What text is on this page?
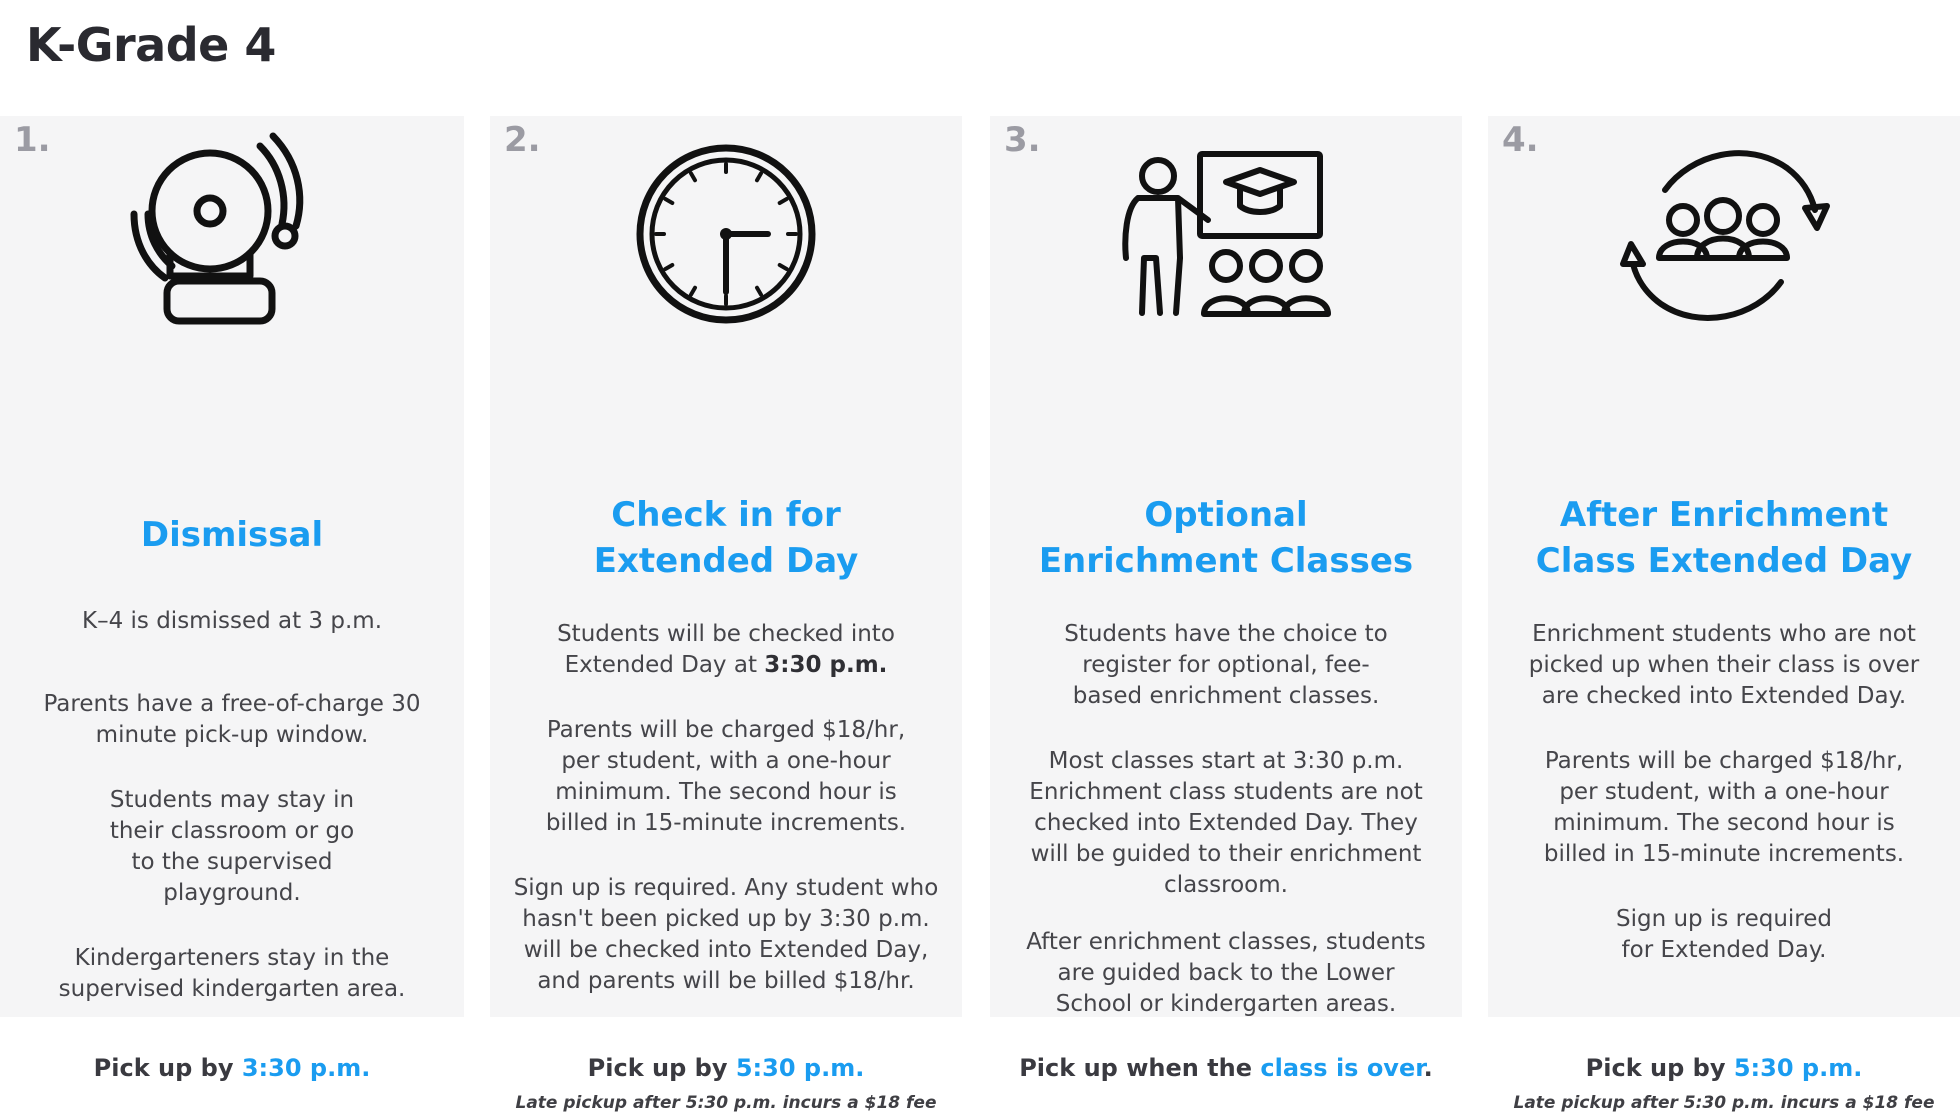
K-Grade 4
1.
Dismissal

K–4 is dismissed at 3 p.m.

Parents have a free-of-charge 30 minute pick-up window.

Students may stay in their classroom or go to the supervised playground.

Kindergarteners stay in the supervised kindergarten area.

Pick up by 3:30 p.m.
2.
Check in for
Extended Day

Students will be checked into Extended Day at 3:30 p.m.

Parents will be charged $18/hr, per student, with a one-hour minimum. The second hour is billed in 15-minute increments.

Sign up is required. Any student who hasn't been picked up by 3:30 p.m. will be checked into Extended Day, and parents will be billed $18/hr.

Pick up by 5:30 p.m.
Late pickup after 5:30 p.m. incurs a $18 fee
3.
Optional
Enrichment Classes

Students have the choice to register for optional, fee-based enrichment classes.

Most classes start at 3:30 p.m. Enrichment class students are not checked into Extended Day. They will be guided to their enrichment classroom.

After enrichment classes, students are guided back to the Lower School or kindergarten areas.

Pick up when the class is over.
4.
After Enrichment
Class Extended Day

Enrichment students who are not picked up when their class is over are checked into Extended Day.

Parents will be charged $18/hr, per student, with a one-hour minimum. The second hour is billed in 15-minute increments.

Sign up is required for Extended Day.

Pick up by 5:30 p.m.
Late pickup after 5:30 p.m. incurs a $18 fee
